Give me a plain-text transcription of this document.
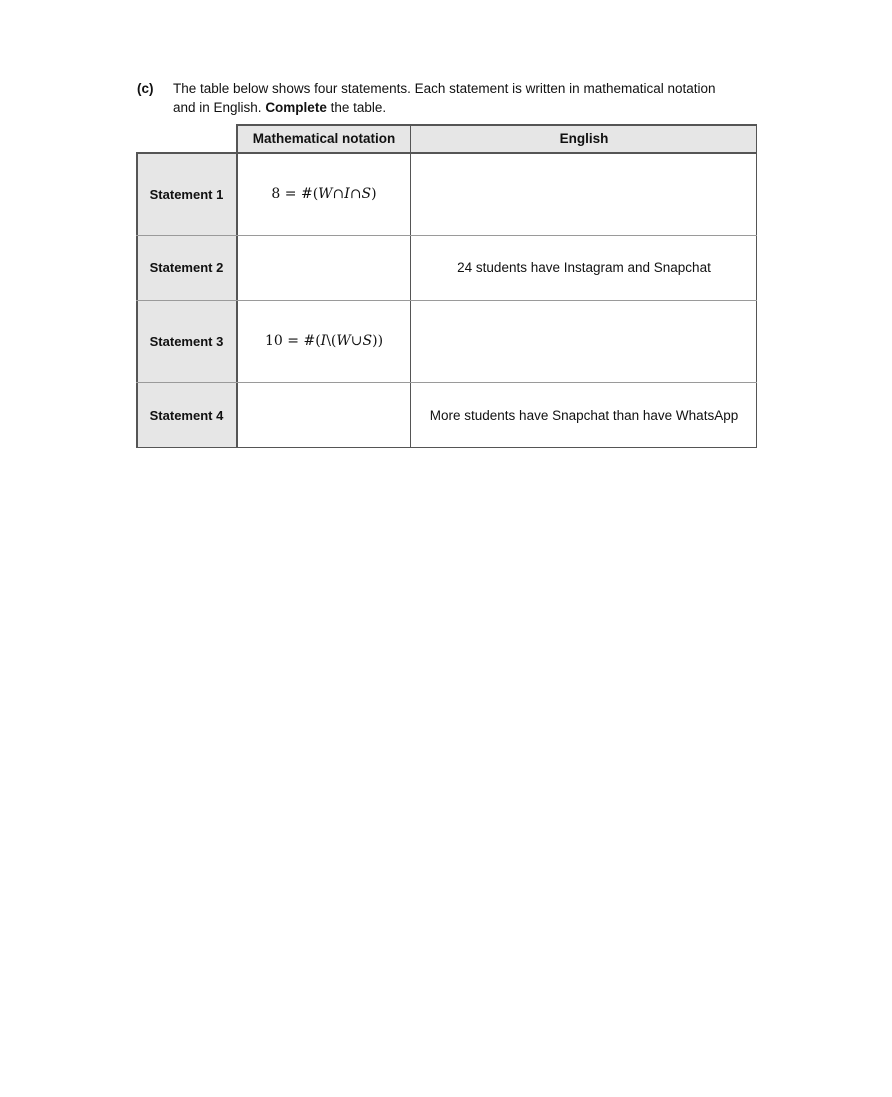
(c) The table below shows four statements. Each statement is written in mathematical notation
and in English. Complete the table.
Mathematical notation	English
Statement 1
Statement 2
Statement 3
Statement 4
8 = #( W ∩ I ∩ S )
10 = #( I \( W ∪ S ))
24 students have Instagram and Snapchat
More students have Snapchat than have WhatsApp
